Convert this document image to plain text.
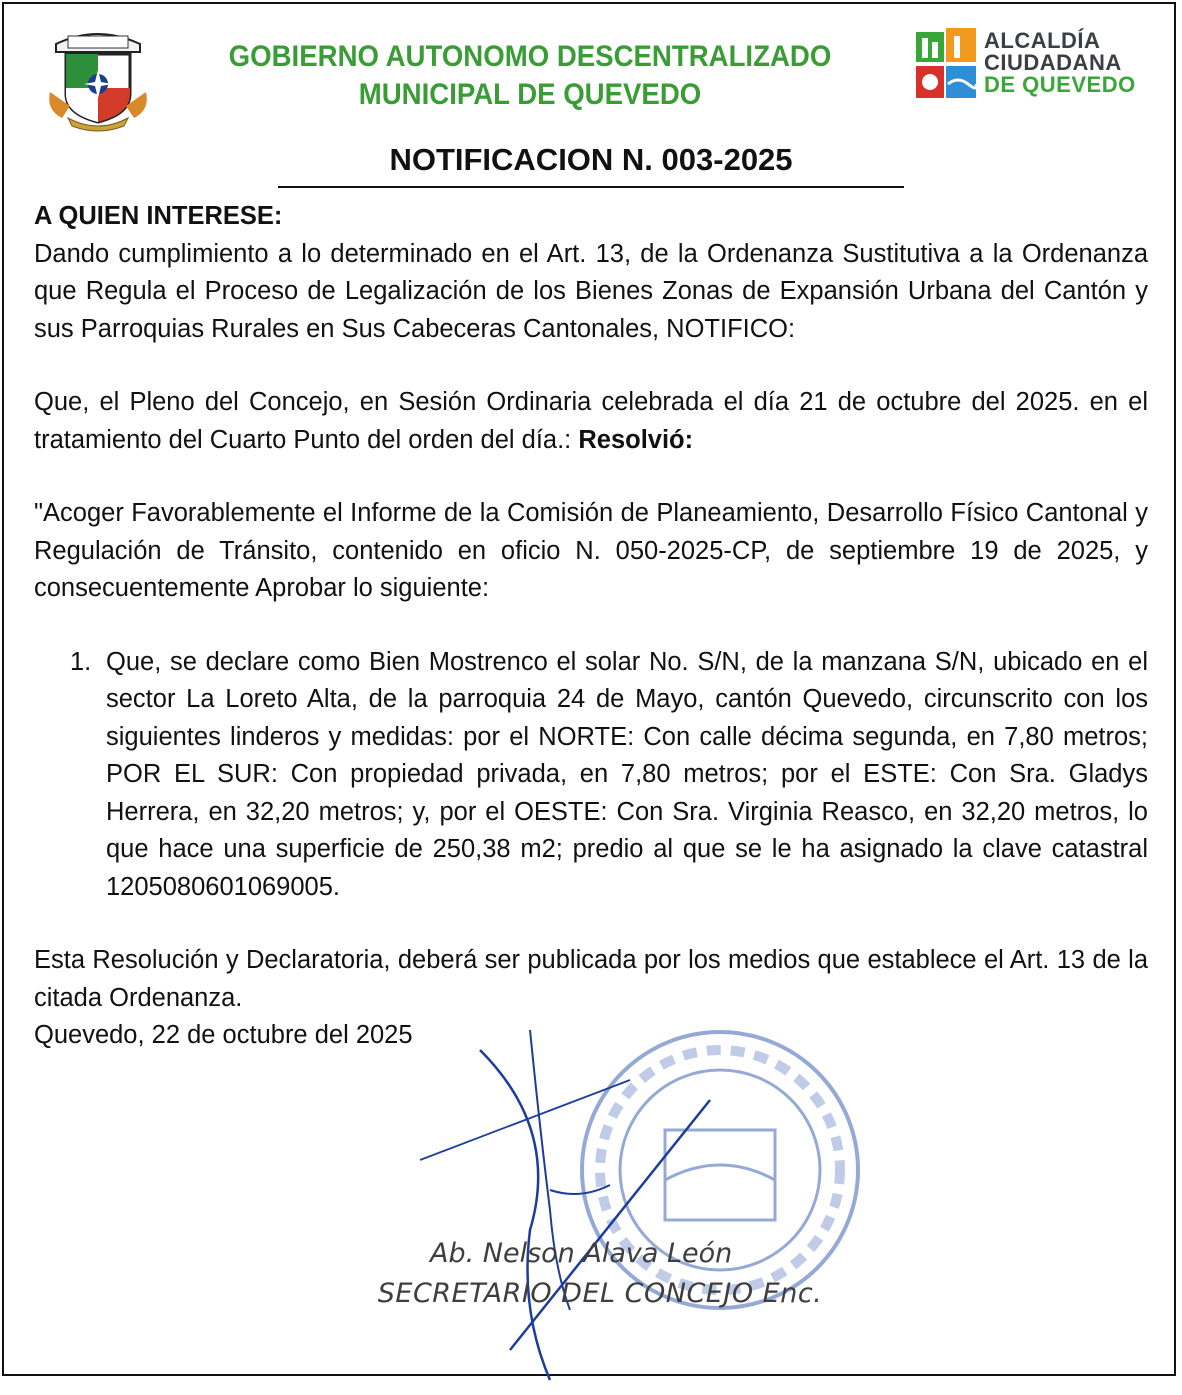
GOBIERNO AUTONOMO DESCENTRALIZADO
MUNICIPAL DE QUEVEDO
ALCALDÍA
CIUDADANA
DE QUEVEDO
NOTIFICACION N. 003-2025

A QUIEN INTERESE:

Dando cumplimiento a lo determinado en el Art. 13, de la Ordenanza Sustitutiva a la Ordenanza que Regula el Proceso de Legalización de los Bienes Zonas de Expansión Urbana del Cantón y sus Parroquias Rurales en Sus Cabeceras Cantonales, NOTIFICO:

Que, el Pleno del Concejo, en Sesión Ordinaria celebrada el día 21 de octubre del 2025. en el tratamiento del Cuarto Punto del orden del día.: Resolvió:

"Acoger Favorablemente el Informe de la Comisión de Planeamiento, Desarrollo Físico Cantonal y Regulación de Tránsito, contenido en oficio N. 050-2025-CP, de septiembre 19 de 2025, y consecuentemente Aprobar lo siguiente:

1. Que, se declare como Bien Mostrenco el solar No. S/N, de la manzana S/N, ubicado en el sector La Loreto Alta, de la parroquia 24 de Mayo, cantón Quevedo, circunscrito con los siguientes linderos y medidas: por el NORTE: Con calle décima segunda, en 7,80 metros; POR EL SUR: Con propiedad privada, en 7,80 metros; por el ESTE: Con Sra. Gladys Herrera, en 32,20 metros; y, por el OESTE: Con Sra. Virginia Reasco, en 32,20 metros, lo que hace una superficie de 250,38 m2; predio al que se le ha asignado la clave catastral 1205080601069005.

Esta Resolución y Declaratoria, deberá ser publicada por los medios que establece el Art. 13 de la citada Ordenanza.

Quevedo, 22 de octubre del 2025

Ab. Nelson Alava León
SECRETARIO DEL CONCEJO Enc.
